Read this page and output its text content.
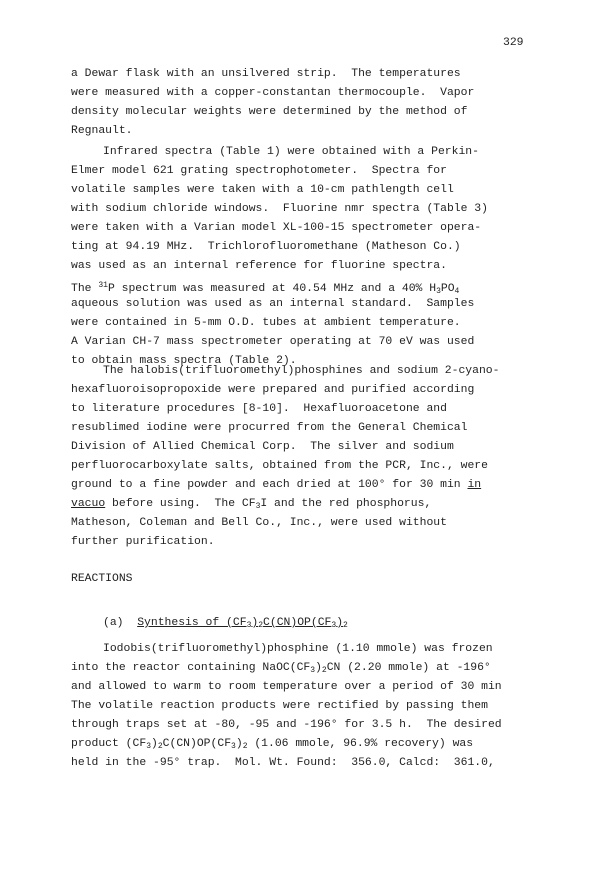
329
a Dewar flask with an unsilvered strip.  The temperatures
were measured with a copper-constantan thermocouple.  Vapor
density molecular weights were determined by the method of
Regnault.
Infrared spectra (Table 1) were obtained with a Perkin-
Elmer model 621 grating spectrophotometer.  Spectra for
volatile samples were taken with a 10-cm pathlength cell
with sodium chloride windows.  Fluorine nmr spectra (Table 3)
were taken with a Varian model XL-100-15 spectrometer opera-
ting at 94.19 MHz.  Trichlorofluoromethane (Matheson Co.)
was used as an internal reference for fluorine spectra.
The $^{31}$P spectrum was measured at 40.54 MHz and a 40% $H_3PO_4$
aqueous solution was used as an internal standard.  Samples
were contained in 5-mm O.D. tubes at ambient temperature.
A Varian CH-7 mass spectrometer operating at 70 eV was used
to obtain mass spectra (Table 2).
The halobis(trifluoromethyl)phosphines and sodium 2-cyano-
hexafluoroisopropoxide were prepared and purified according
to literature procedures [8-10].  Hexafluoroacetone and
resublimed iodine were procurred from the General Chemical
Division of Allied Chemical Corp.  The silver and sodium
perfluorocarboxylate salts, obtained from the PCR, Inc., were
ground to a fine powder and each dried at 100° for 30 min in
vacuo before using.  The $CF_3I$ and the red phosphorus,
Matheson, Coleman and Bell Co., Inc., were used without
further purification.
REACTIONS
(a) Synthesis of $(CF_3)_2C(CN)OP(CF_3)_2$
Iodobis(trifluoromethyl)phosphine (1.10 mmole) was frozen
into the reactor containing $NaOC(CF_3)_2CN$ (2.20 mmole) at -196°
and allowed to warm to room temperature over a period of 30 min
The volatile reaction products were rectified by passing them
through traps set at -80, -95 and -196° for 3.5 h.  The desired
product $(CF_3)_2C(CN)OP(CF_3)_2$ (1.06 mmole, 96.9% recovery) was
held in the -95° trap.  Mol. Wt. Found:  356.0, Calcd:  361.0,
